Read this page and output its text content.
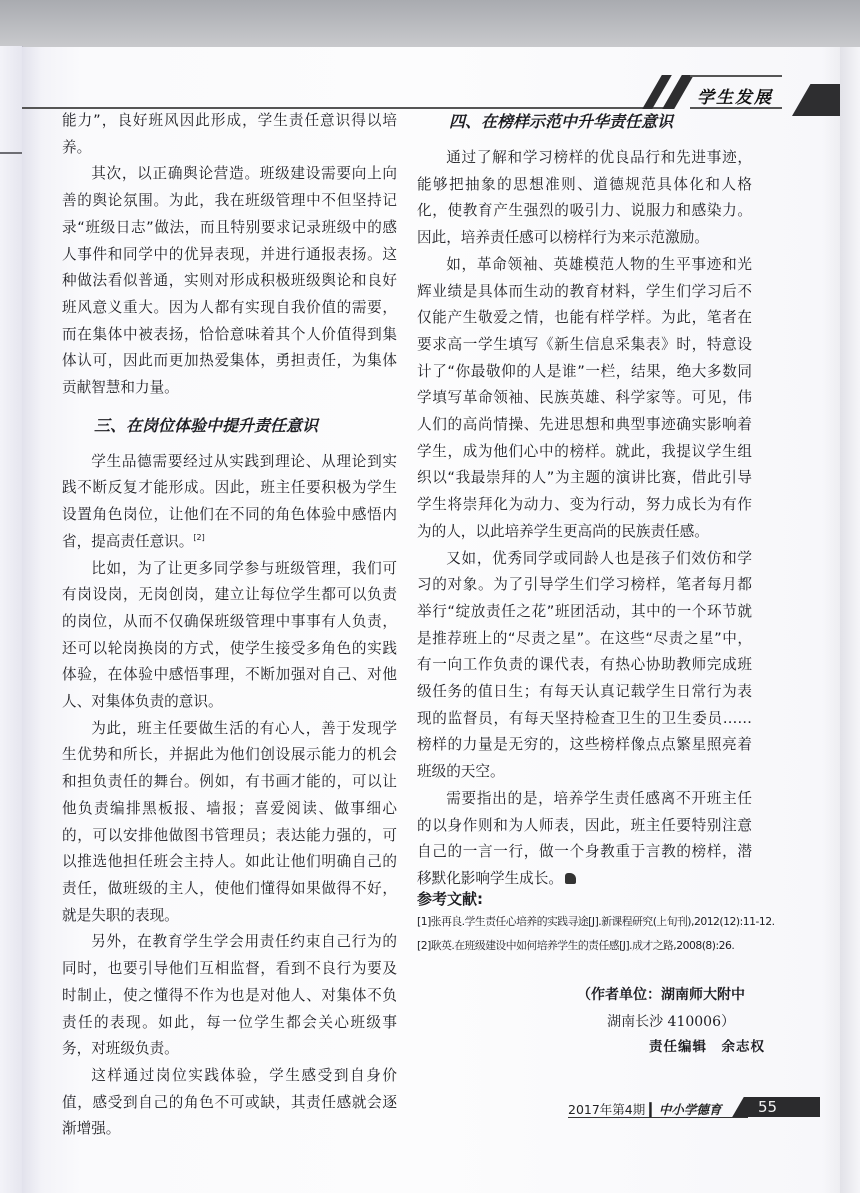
学生发展

能力”，良好班风因此形成，学生责任意识得以培养。

其次，以正确舆论营造。班级建设需要向上向善的舆论氛围。为此，我在班级管理中不但坚持记录“班级日志”做法，而且特别要求记录班级中的感人事件和同学中的优异表现，并进行通报表扬。这种做法看似普通，实则对形成积极班级舆论和良好班风意义重大。因为人都有实现自我价值的需要，而在集体中被表扬，恰恰意味着其个人价值得到集体认可，因此而更加热爱集体，勇担责任，为集体贡献智慧和力量。

三、在岗位体验中提升责任意识

学生品德需要经过从实践到理论、从理论到实践不断反复才能形成。因此，班主任要积极为学生设置角色岗位，让他们在不同的角色体验中感悟内省，提高责任意识。[2]

比如，为了让更多同学参与班级管理，我们可有岗设岗，无岗创岗，建立让每位学生都可以负责的岗位，从而不仅确保班级管理中事事有人负责，还可以轮岗换岗的方式，使学生接受多角色的实践体验，在体验中感悟事理，不断加强对自己、对他人、对集体负责的意识。

为此，班主任要做生活的有心人，善于发现学生优势和所长，并据此为他们创设展示能力的机会和担负责任的舞台。例如，有书画才能的，可以让他负责编排黑板报、墙报；喜爱阅读、做事细心的，可以安排他做图书管理员；表达能力强的，可以推选他担任班会主持人。如此让他们明确自己的责任，做班级的主人，使他们懂得如果做得不好，就是失职的表现。

另外，在教育学生学会用责任约束自己行为的同时，也要引导他们互相监督，看到不良行为要及时制止，使之懂得不作为也是对他人、对集体不负责任的表现。如此，每一位学生都会关心班级事务，对班级负责。

这样通过岗位实践体验，学生感受到自身价值，感受到自己的角色不可或缺，其责任感就会逐渐增强。

四、在榜样示范中升华责任意识

通过了解和学习榜样的优良品行和先进事迹，能够把抽象的思想准则、道德规范具体化和人格化，使教育产生强烈的吸引力、说服力和感染力。因此，培养责任感可以榜样行为来示范激励。

如，革命领袖、英雄模范人物的生平事迹和光辉业绩是具体而生动的教育材料，学生们学习后不仅能产生敬爱之情，也能有样学样。为此，笔者在要求高一学生填写《新生信息采集表》时，特意设计了“你最敬仰的人是谁”一栏，结果，绝大多数同学填写革命领袖、民族英雄、科学家等。可见，伟人们的高尚情操、先进思想和典型事迹确实影响着学生，成为他们心中的榜样。就此，我提议学生组织以“我最崇拜的人”为主题的演讲比赛，借此引导学生将崇拜化为动力、变为行动，努力成长为有作为的人，以此培养学生更高尚的民族责任感。

又如，优秀同学或同龄人也是孩子们效仿和学习的对象。为了引导学生们学习榜样，笔者每月都举行“绽放责任之花”班团活动，其中的一个环节就是推荐班上的“尽责之星”。在这些“尽责之星”中，有一向工作负责的课代表，有热心协助教师完成班级任务的值日生；有每天认真记载学生日常行为表现的监督员，有每天坚持检查卫生的卫生委员……榜样的力量是无穷的，这些榜样像点点繁星照亮着班级的天空。

需要指出的是，培养学生责任感离不开班主任的以身作则和为人师表，因此，班主任要特别注意自己的一言一行，做一个身教重于言教的榜样，潜移默化影响学生成长。

参考文献:
[1]张再良.学生责任心培养的实践寻途[J].新课程研究(上旬刊),2012(12):11-12.
[2]耿英.在班级建设中如何培养学生的责任感[J].成才之路,2008(8):26.
（作者单位：湖南师大附中
湖南长沙 410006）
责任编辑　余志权
2017年第4期 ▎中小学德育 55
